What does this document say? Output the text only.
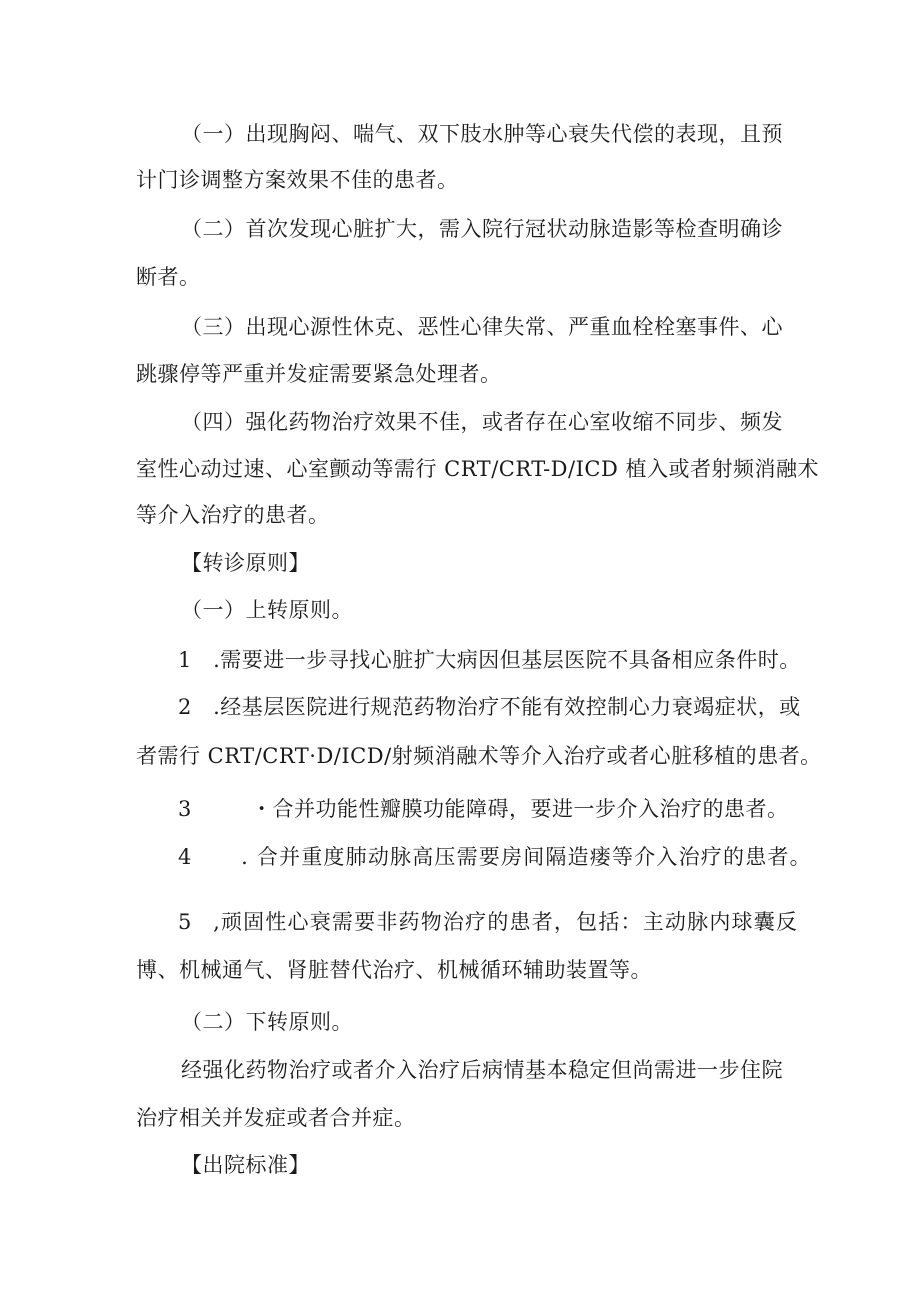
（一）出现胸闷、喘气、双下肢水肿等心衰失代偿的表现，且预
计门诊调整方案效果不佳的患者。
（二）首次发现心脏扩大，需入院行冠状动脉造影等检查明确诊
断者。
（三）出现心源性休克、恶性心律失常、严重血栓栓塞事件、心
跳骤停等严重并发症需要紧急处理者。
（四）强化药物治疗效果不佳，或者存在心室收缩不同步、频发
室性心动过速、心室颤动等需行 CRT/CRT-D/ICD 植入或者射频消融术
等介入治疗的患者。
【转诊原则】
（一）上转原则。
1 .需要进一步寻找心脏扩大病因但基层医院不具备相应条件时。
2 .经基层医院进行规范药物治疗不能有效控制心力衰竭症状，或
者需行 CRT∕CRT·D∕ICD∕射频消融术等介入治疗或者心脏移植的患者。
3	・合并功能性瓣膜功能障碍，要进一步介入治疗的患者。
4 . 合并重度肺动脉高压需要房间隔造瘘等介入治疗的患者。
5 ,顽固性心衰需要非药物治疗的患者，包括：主动脉内球囊反
博、机械通气、肾脏替代治疗、机械循环辅助装置等。
（二）下转原则。
经强化药物治疗或者介入治疗后病情基本稳定但尚需进一步住院
治疗相关并发症或者合并症。
【出院标准】
